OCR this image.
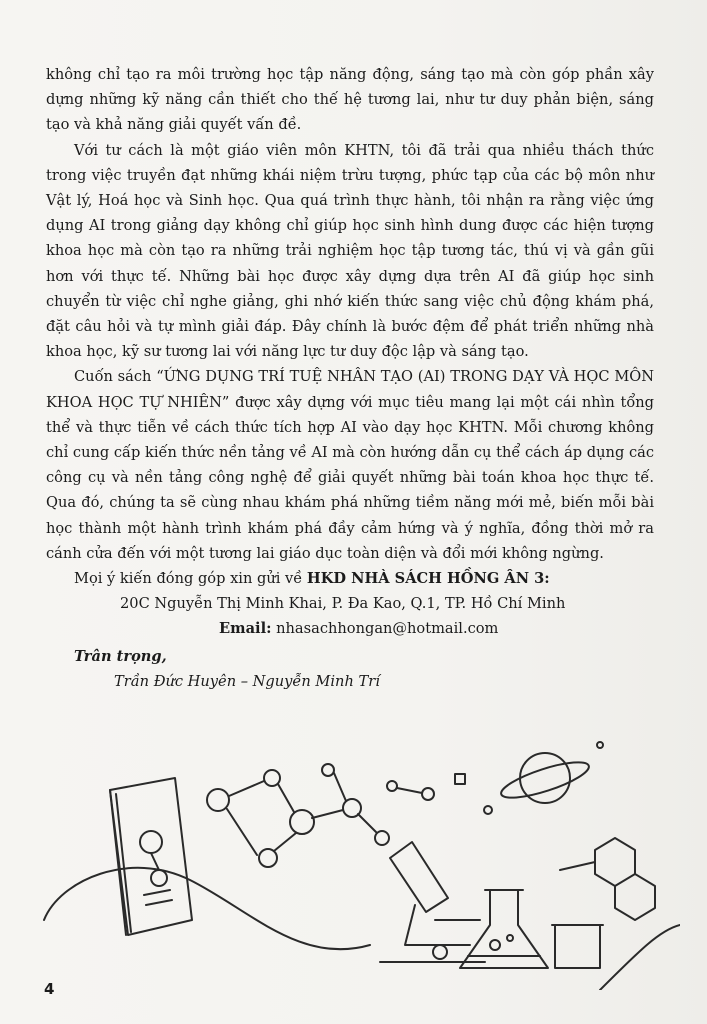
không chỉ tạo ra môi trường học tập năng động, sáng tạo mà còn góp phần xây dựng những kỹ năng cần thiết cho thế hệ tương lai, như tư duy phản biện, sáng tạo và khả năng giải quyết vấn đề.

Với tư cách là một giáo viên môn KHTN, tôi đã trải qua nhiều thách thức trong việc truyền đạt những khái niệm trừu tượng, phức tạp của các bộ môn như Vật lý, Hoá học và Sinh học. Qua quá trình thực hành, tôi nhận ra rằng việc ứng dụng AI trong giảng dạy không chỉ giúp học sinh hình dung được các hiện tượng khoa học mà còn tạo ra những trải nghiệm học tập tương tác, thú vị và gần gũi hơn với thực tế. Những bài học được xây dựng dựa trên AI đã giúp học sinh chuyển từ việc chỉ nghe giảng, ghi nhớ kiến thức sang việc chủ động khám phá, đặt câu hỏi và tự mình giải đáp. Đây chính là bước đệm để phát triển những nhà khoa học, kỹ sư tương lai với năng lực tư duy độc lập và sáng tạo.

Cuốn sách “ỨNG DỤNG TRÍ TUỆ NHÂN TẠO (AI) TRONG DẠY VÀ HỌC MÔN KHOA HỌC TỰ NHIÊN” được xây dựng với mục tiêu mang lại một cái nhìn tổng thể và thực tiễn về cách thức tích hợp AI vào dạy học KHTN. Mỗi chương không chỉ cung cấp kiến thức nền tảng về AI mà còn hướng dẫn cụ thể cách áp dụng các công cụ và nền tảng công nghệ để giải quyết những bài toán khoa học thực tế. Qua đó, chúng ta sẽ cùng nhau khám phá những tiềm năng mới mẻ, biến mỗi bài học thành một hành trình khám phá đầy cảm hứng và ý nghĩa, đồng thời mở ra cánh cửa đến với một tương lai giáo dục toàn diện và đổi mới không ngừng.

Mọi ý kiến đóng góp xin gửi về HKD NHÀ SÁCH HỒNG ÂN 3:
20C Nguyễn Thị Minh Khai, P. Đa Kao, Q.1, TP. Hồ Chí Minh
Email: nhasachhongan@hotmail.com
Trân trọng,
Trần Đức Huyên – Nguyễn Minh Trí
4
